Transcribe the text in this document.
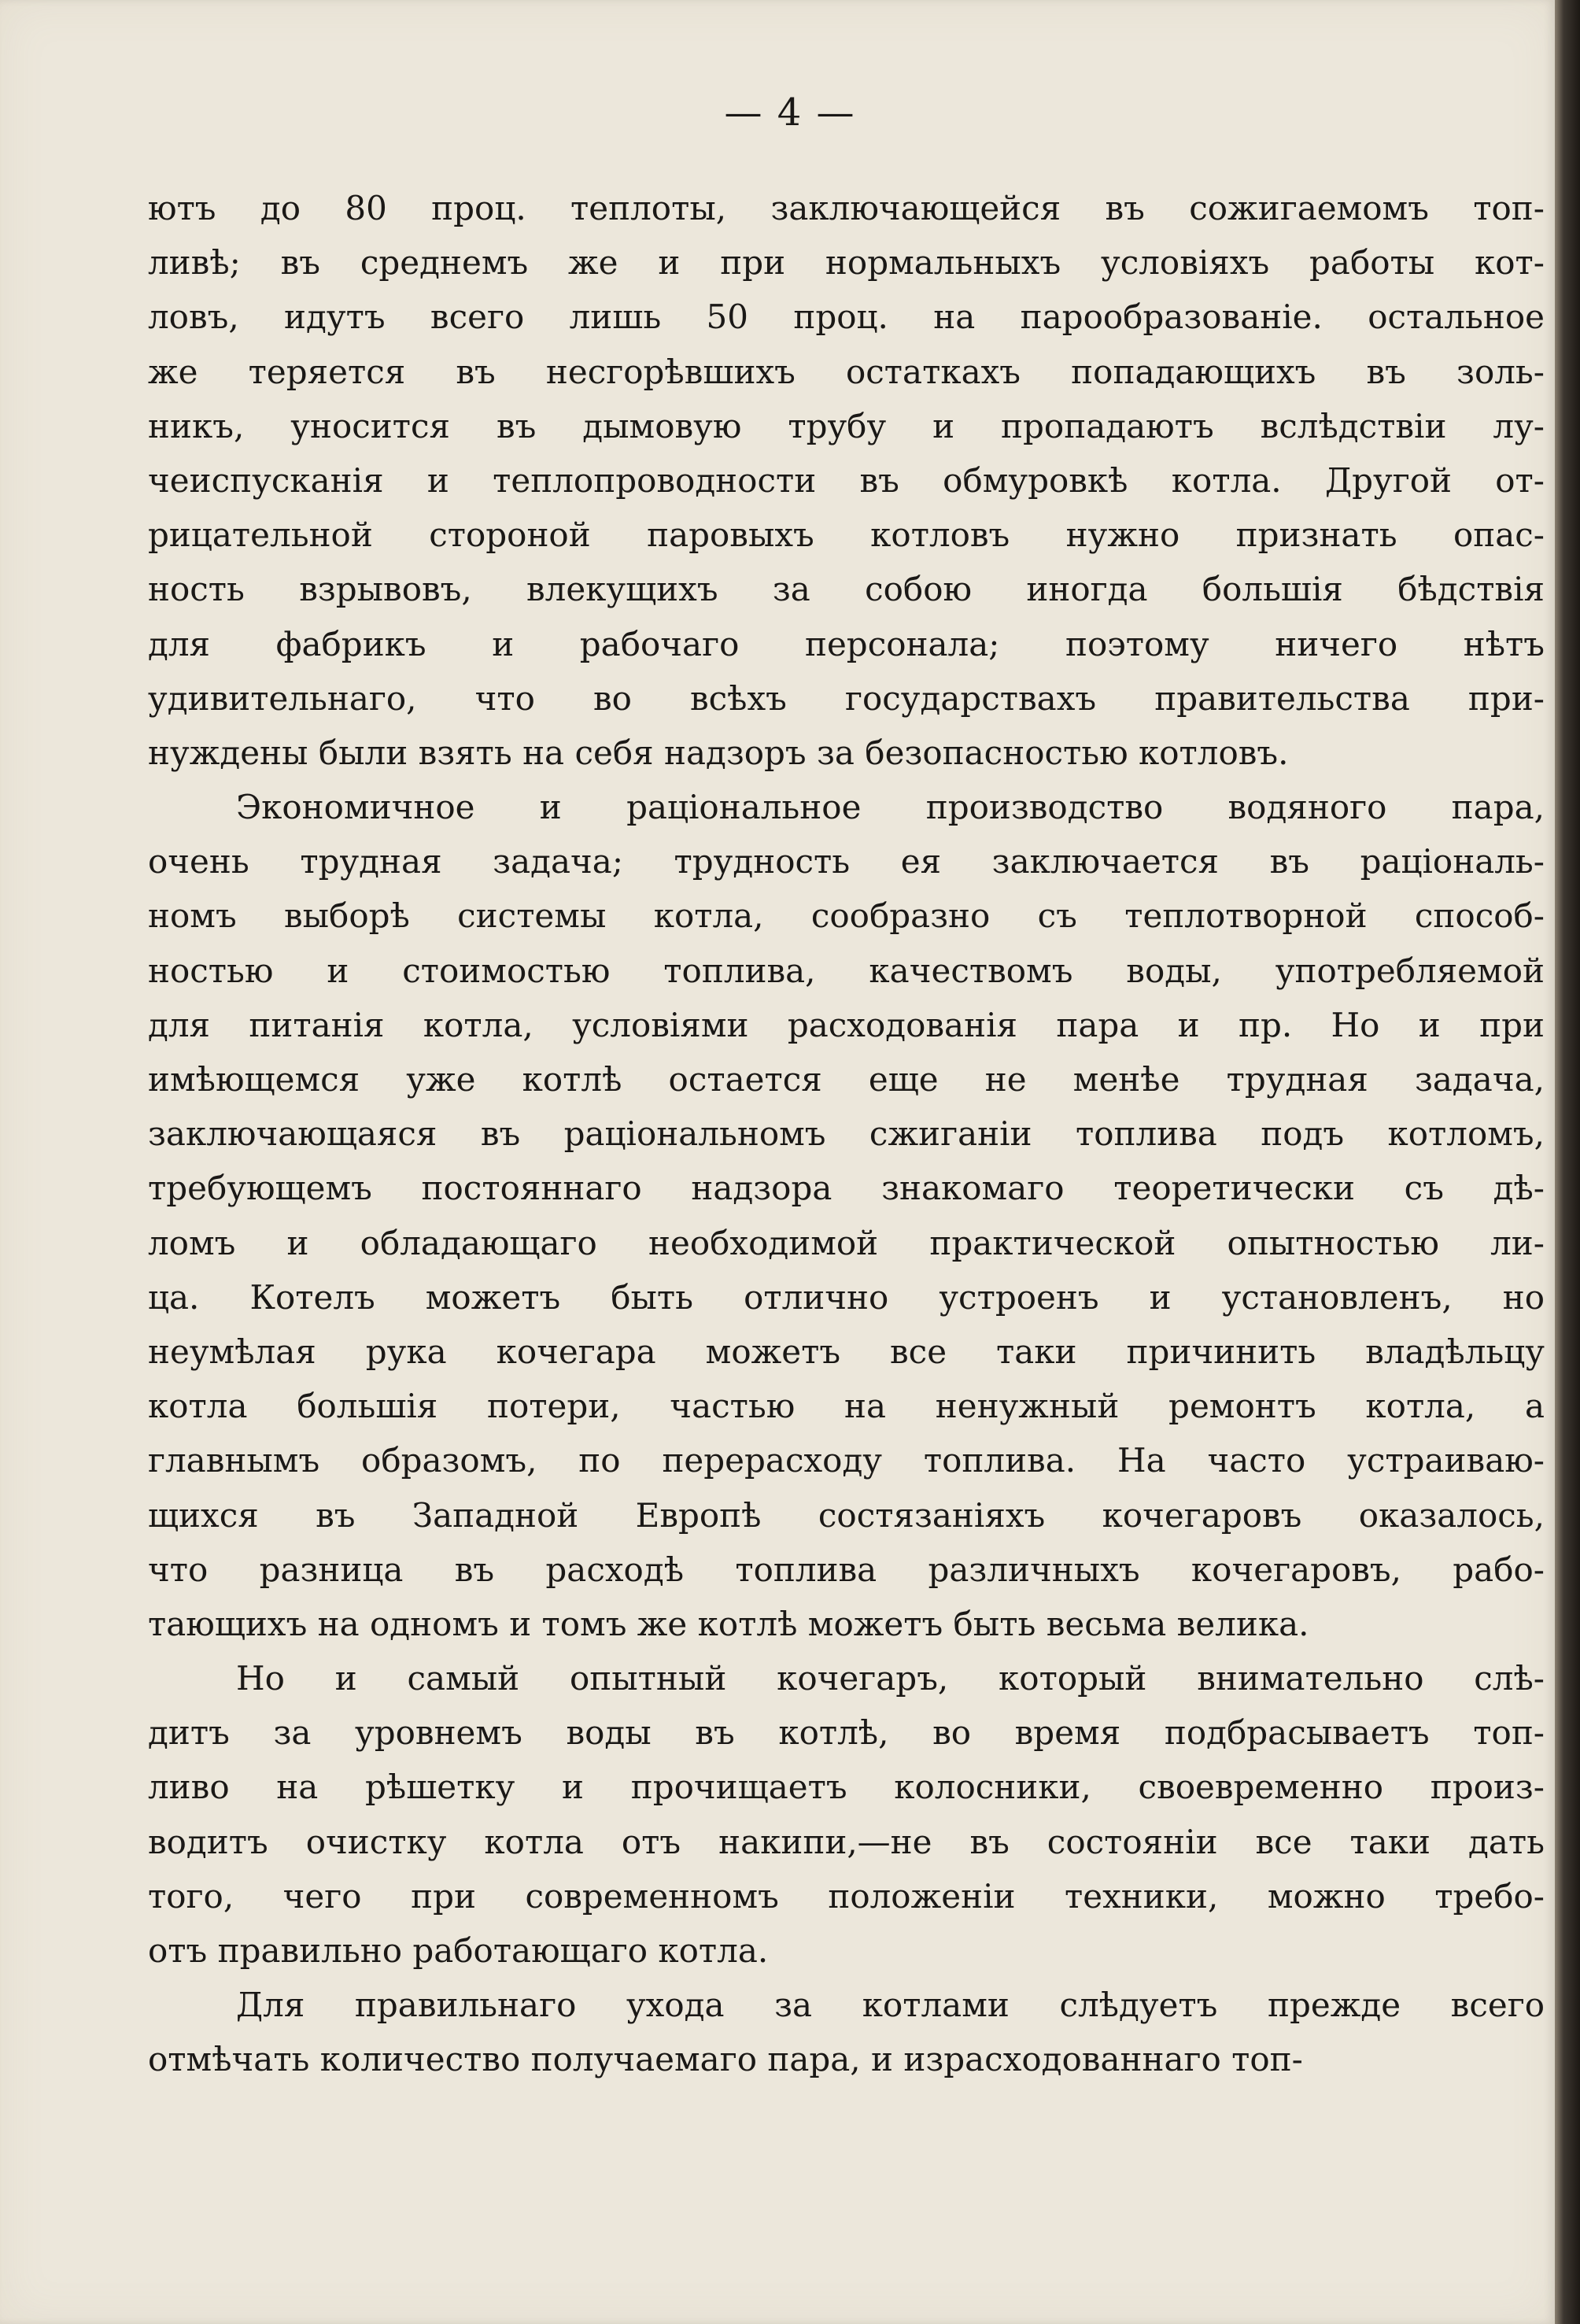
— 4 —
ютъ до 80 проц. теплоты, заключающейся въ сожигаемомъ топ-
ливѣ; въ среднемъ же и при нормальныхъ условіяхъ работы кот-
ловъ, идутъ всего лишь 50 проц. на парообразованіе. остальное
же теряется въ несгорѣвшихъ остаткахъ попадающихъ въ золь-
никъ, уносится въ дымовую трубу и пропадаютъ вслѣдствіи лу-
чеиспусканія и теплопроводности въ обмуровкѣ котла. Другой от-
рицательной стороной паровыхъ котловъ нужно признать опас-
ность взрывовъ, влекущихъ за собою иногда большія бѣдствія
для фабрикъ и рабочаго персонала; поэтому ничего нѣтъ
удивительнаго, что во всѣхъ государствахъ правительства при-
нуждены были взять на себя надзоръ за безопасностью котловъ.
Экономичное и раціональное производство водяного пара,
очень трудная задача; трудность ея заключается въ раціональ-
номъ выборѣ системы котла, сообразно съ теплотворной способ-
ностью и стоимостью топлива, качествомъ воды, употребляемой
для питанія котла, условіями расходованія пара и пр. Но и при
имѣющемся уже котлѣ остается еще не менѣе трудная задача,
заключающаяся въ раціональномъ сжиганіи топлива подъ котломъ,
требующемъ постояннаго надзора знакомаго теоретически съ дѣ-
ломъ и обладающаго необходимой практической опытностью ли-
ца. Котелъ можетъ быть отлично устроенъ и установленъ, но
неумѣлая рука кочегара можетъ все таки причинить владѣльцу
котла большія потери, частью на ненужный ремонтъ котла, а
главнымъ образомъ, по перерасходу топлива. На часто устраиваю-
щихся въ Западной Европѣ состязаніяхъ кочегаровъ оказалось,
что разница въ расходѣ топлива различныхъ кочегаровъ, рабо-
тающихъ на одномъ и томъ же котлѣ можетъ быть весьма велика.
Но и самый опытный кочегаръ, который внимательно слѣ-
дитъ за уровнемъ воды въ котлѣ, во время подбрасываетъ топ-
ливо на рѣшетку и прочищаетъ колосники, своевременно произ-
водитъ очистку котла отъ накипи,—не въ состояніи все таки дать
того, чего при современномъ положеніи техники, можно требо-
отъ правильно работающаго котла.
Для правильнаго ухода за котлами слѣдуетъ прежде всего
отмѣчать количество получаемаго пара, и израсходованнаго топ-
